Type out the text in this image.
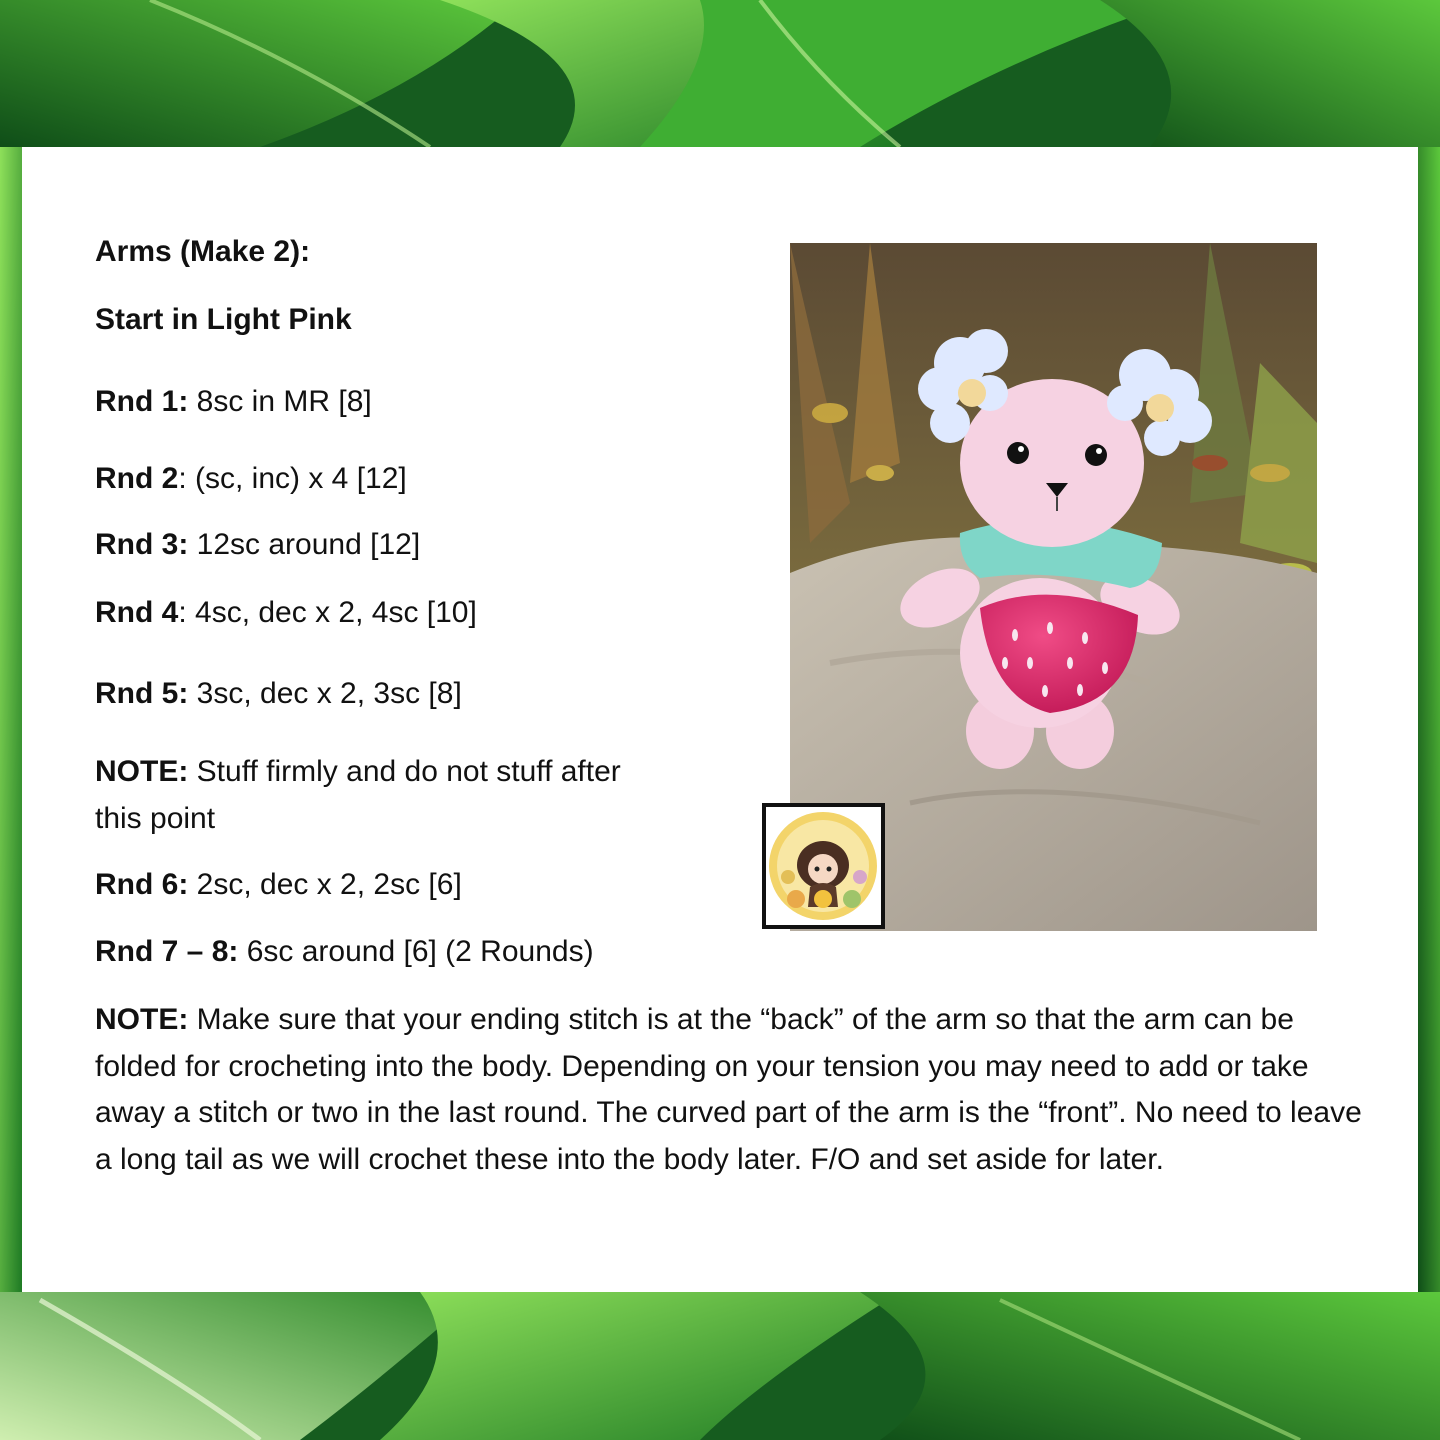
Arms (Make 2):
Start in Light Pink
Rnd 1: 8sc in MR [8]
Rnd 2: (sc, inc) x 4 [12]
Rnd 3: 12sc around [12]
Rnd 4: 4sc, dec x 2, 4sc [10]
Rnd 5: 3sc, dec x 2, 3sc [8]
NOTE: Stuff firmly and do not stuff after
this point
Rnd 6: 2sc, dec x 2, 2sc [6]
Rnd 7 – 8: 6sc around [6] (2 Rounds)
NOTE: Make sure that your ending stitch is at the “back” of the arm so that the arm can be folded for crocheting into the body. Depending on your tension you may need to add or take away a stitch or two in the last round. The curved part of the arm is the “front”. No need to leave a long tail as we will crochet these into the body later. F/O and set aside for later.
